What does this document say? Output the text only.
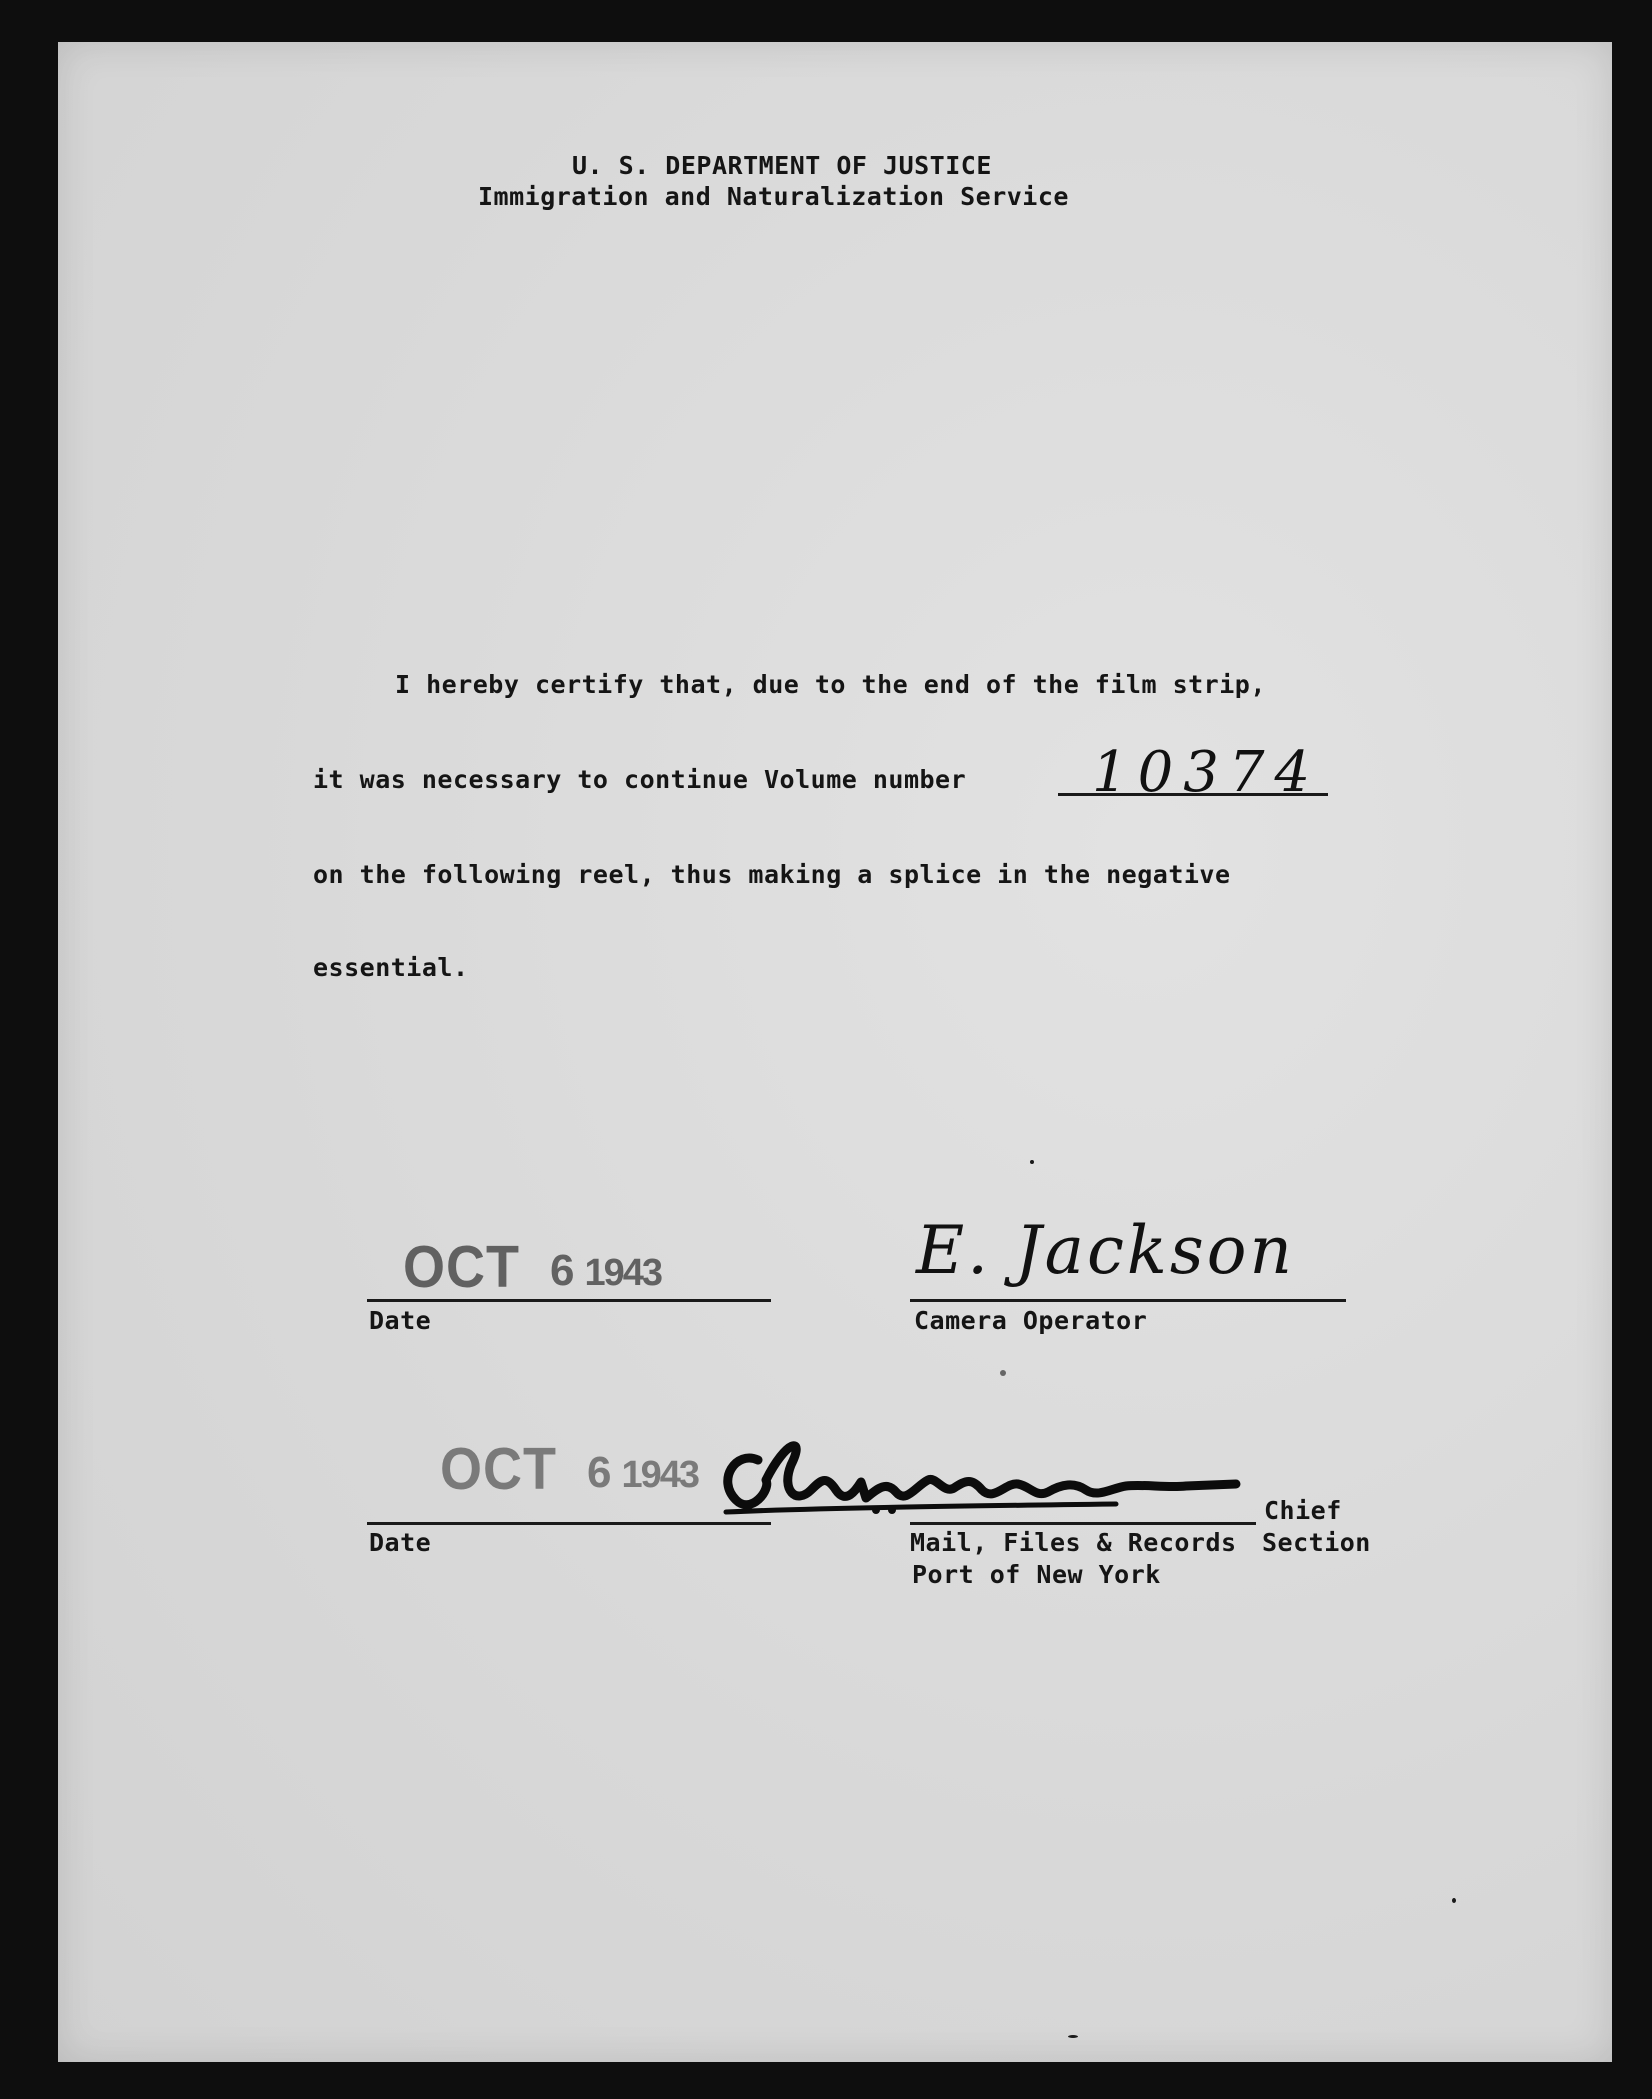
U. S. DEPARTMENT OF JUSTICE
Immigration and Naturalization Service
I hereby certify that, due to the end of the film strip,
it was necessary to continue Volume number 10374
on the following reel, thus making a splice in the negative
essential.
OCT 6 1943
Date
E. Jackson
Camera Operator
OCT 6 1943
Date
Chief
Mail, Files & Records Section
Port of New York
